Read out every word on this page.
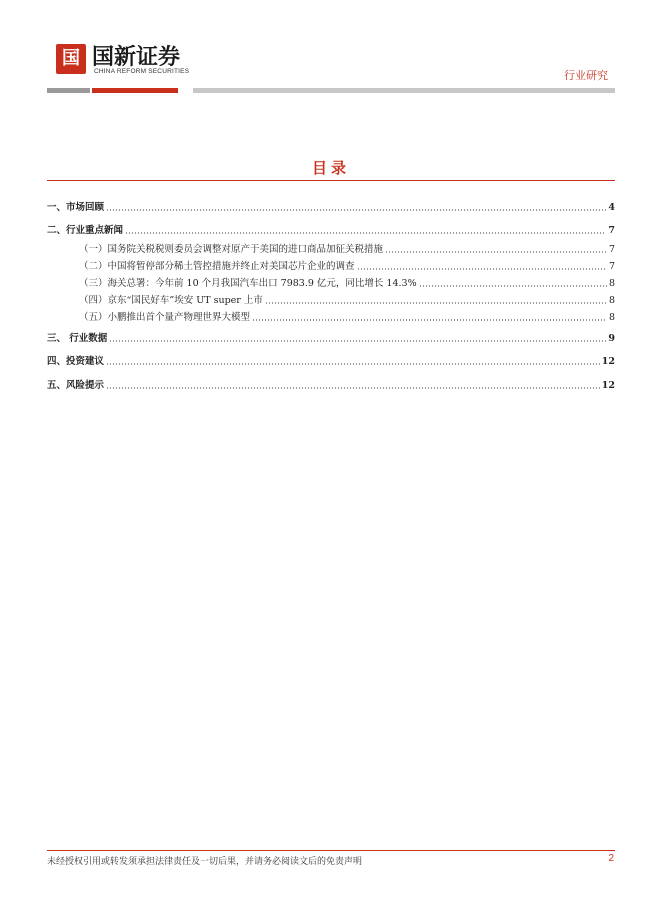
国 国新证券
CHINA REFORM SECURITIES	行业研究
目录
一、市场回顾	4
二、行业重点新闻	7
（一）国务院关税税则委员会调整对原产于美国的进口商品加征关税措施	7
（二）中国将暂停部分稀土管控措施并终止对美国芯片企业的调查	7
（三）海关总署：今年前 10 个月我国汽车出口 7983.9 亿元，同比增长 14.3%	8
（四）京东“国民好车”埃安 UT super 上市	8
（五）小鹏推出首个量产物理世界大模型	8
三、 行业数据	9
四、投资建议	12
五、风险提示	12
未经授权引用或转发须承担法律责任及一切后果，并请务必阅读文后的免责声明	2
